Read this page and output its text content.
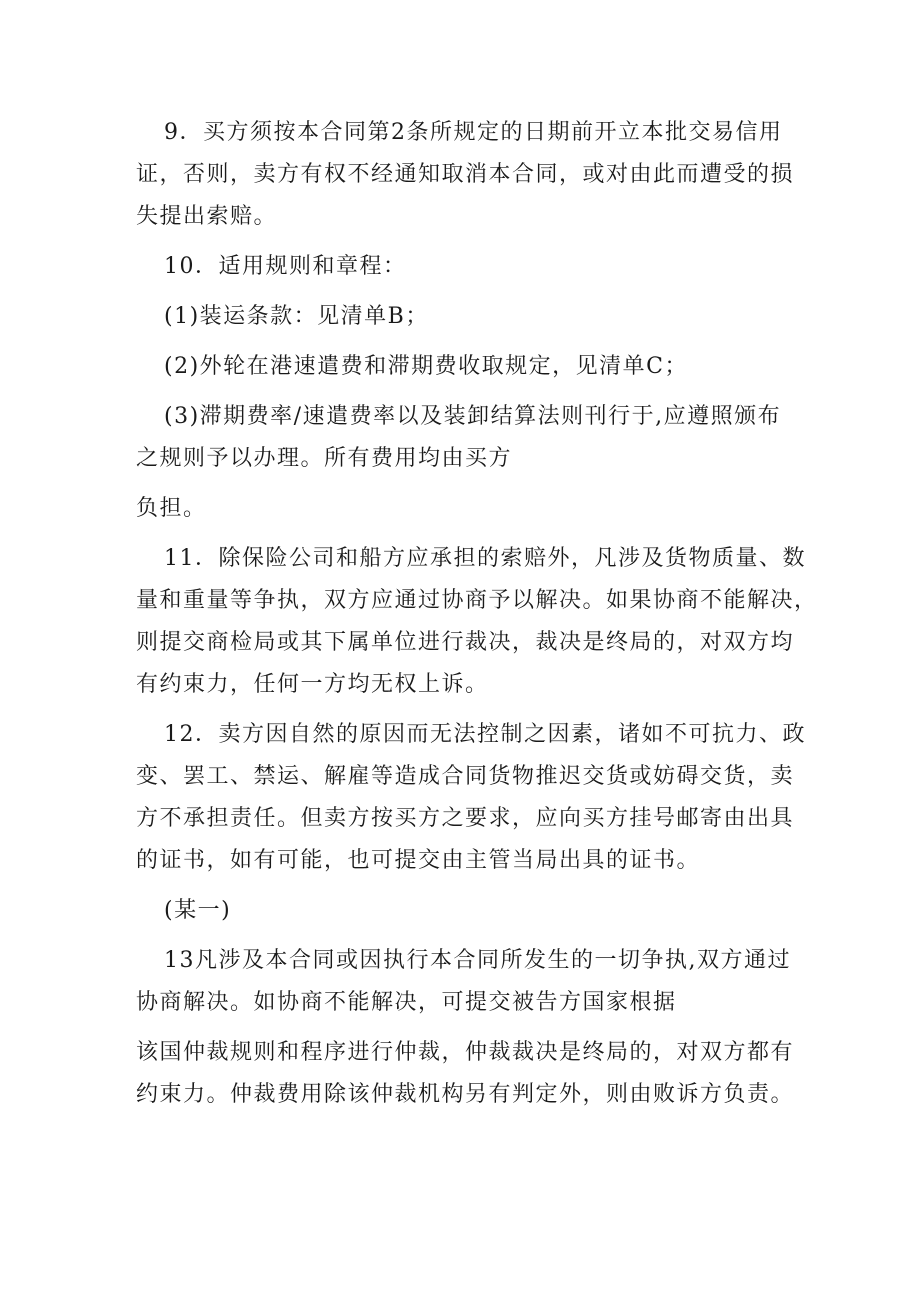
9．买方须按本合同第2条所规定的日期前开立本批交易信用
证，否则，卖方有权不经通知取消本合同，或对由此而遭受的损
失提出索赔。
10．适用规则和章程：
(1)装运条款：见清单B；
(2)外轮在港速遣费和滞期费收取规定，见清单C；
(3)滞期费率/速遣费率以及装卸结算法则刊行于,应遵照颁布
之规则予以办理。所有费用均由买方
负担。
11．除保险公司和船方应承担的索赔外，凡涉及货物质量、数
量和重量等争执，双方应通过协商予以解决。如果协商不能解决，
则提交商检局或其下属单位进行裁决，裁决是终局的，对双方均
有约束力，任何一方均无权上诉。
12．卖方因自然的原因而无法控制之因素，诸如不可抗力、政
变、罢工、禁运、解雇等造成合同货物推迟交货或妨碍交货，卖
方不承担责任。但卖方按买方之要求，应向买方挂号邮寄由出具
的证书，如有可能，也可提交由主管当局出具的证书。
(某一)
13凡涉及本合同或因执行本合同所发生的一切争执,双方通过
协商解决。如协商不能解决，可提交被告方国家根据
该国仲裁规则和程序进行仲裁，仲裁裁决是终局的，对双方都有
约束力。仲裁费用除该仲裁机构另有判定外，则由败诉方负责。
